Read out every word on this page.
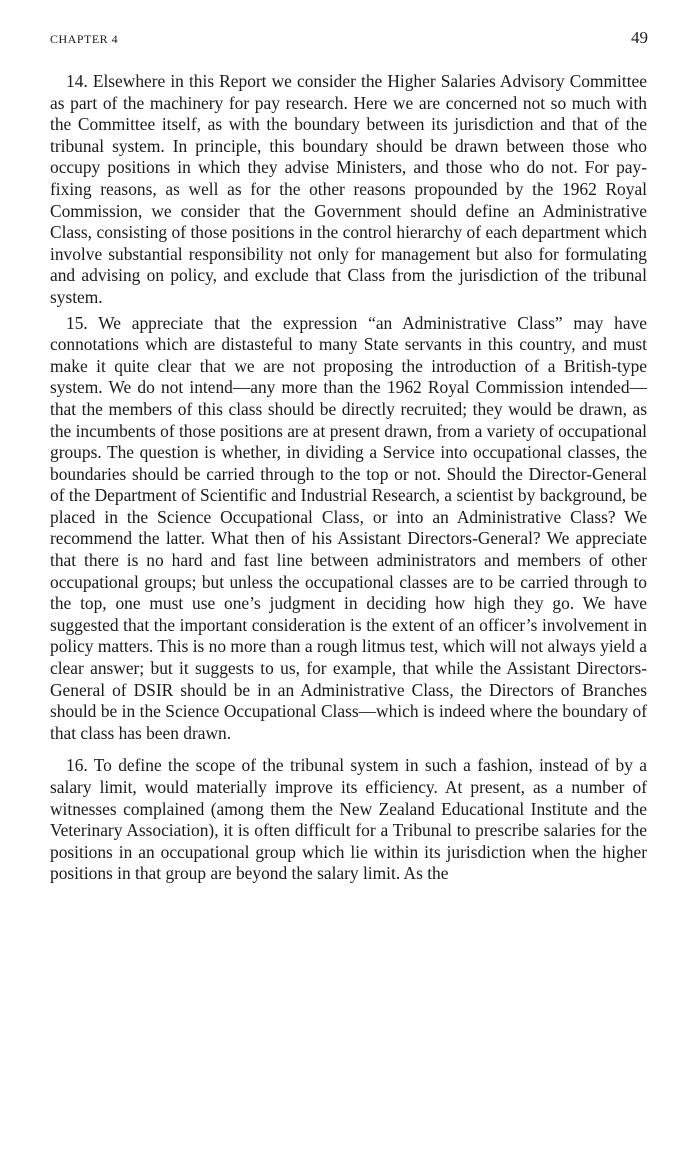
CHAPTER 4	49

14. Elsewhere in this Report we consider the Higher Salaries Advisory Committee as part of the machinery for pay research. Here we are concerned not so much with the Committee itself, as with the boundary between its jurisdiction and that of the tribunal system. In principle, this boundary should be drawn between those who occupy positions in which they advise Ministers, and those who do not. For pay-fixing reasons, as well as for the other reasons propounded by the 1962 Royal Commission, we consider that the Government should define an Administrative Class, consisting of those positions in the control hierarchy of each department which involve substantial responsibility not only for management but also for formulating and advising on policy, and exclude that Class from the jurisdiction of the tribunal system.

15. We appreciate that the expression “an Administrative Class” may have connotations which are distasteful to many State servants in this country, and must make it quite clear that we are not proposing the introduction of a British-type system. We do not intend—any more than the 1962 Royal Commission intended—that the members of this class should be directly recruited; they would be drawn, as the incumbents of those positions are at present drawn, from a variety of occupational groups. The question is whether, in dividing a Service into occupational classes, the boundaries should be carried through to the top or not. Should the Director-General of the Department of Scientific and Industrial Research, a scientist by background, be placed in the Science Occupational Class, or into an Administrative Class? We recommend the latter. What then of his Assistant Directors-General? We appreciate that there is no hard and fast line between administrators and members of other occupational groups; but unless the occupational classes are to be carried through to the top, one must use one’s judgment in deciding how high they go. We have suggested that the important consideration is the extent of an officer’s involvement in policy matters. This is no more than a rough litmus test, which will not always yield a clear answer; but it suggests to us, for example, that while the Assistant Directors-General of DSIR should be in an Administrative Class, the Directors of Branches should be in the Science Occupational Class—which is indeed where the boundary of that class has been drawn.

16. To define the scope of the tribunal system in such a fashion, instead of by a salary limit, would materially improve its efficiency. At present, as a number of witnesses complained (among them the New Zealand Educational Institute and the Veterinary Association), it is often difficult for a Tribunal to prescribe salaries for the positions in an occupational group which lie within its jurisdiction when the higher positions in that group are beyond the salary limit. As the
